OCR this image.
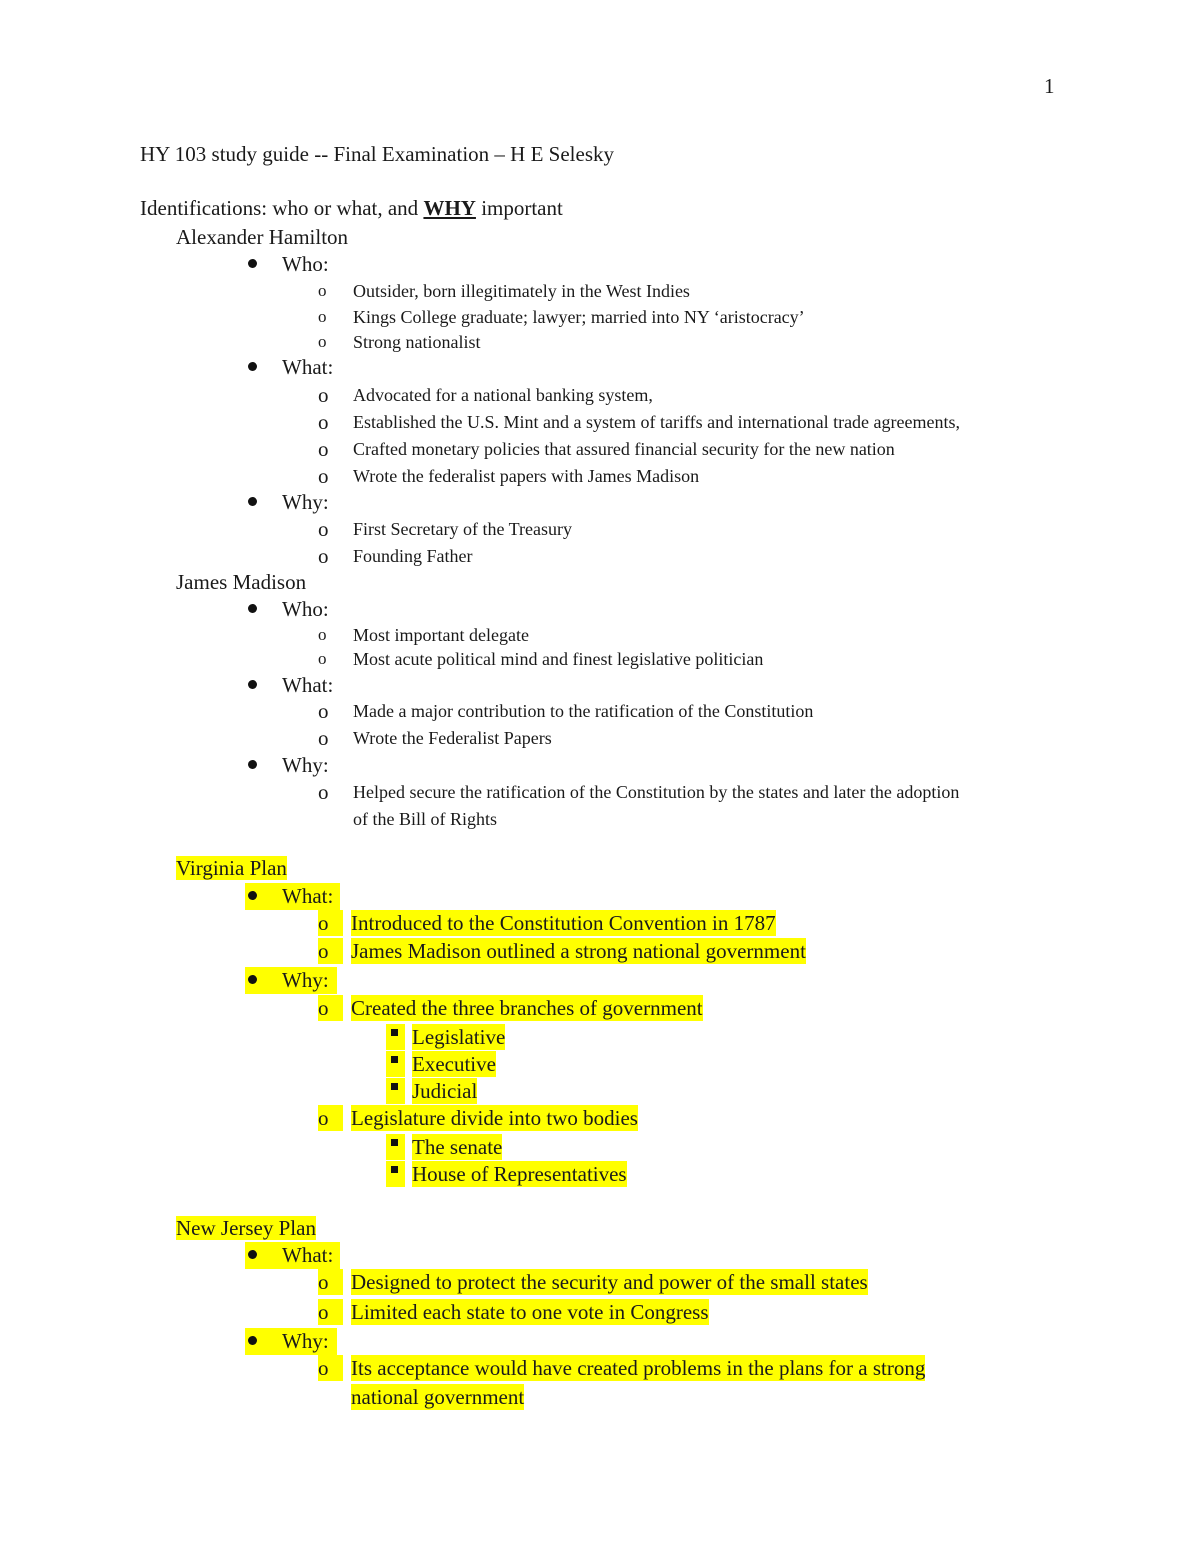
1
HY 103 study guide -- Final Examination – H E Selesky
Identifications: who or what, and WHY important
Alexander Hamilton
Who:
o Outsider, born illegitimately in the West Indies
o Kings College graduate; lawyer; married into NY ‘aristocracy’
o Strong nationalist
What:
o Advocated for a national banking system,
o Established the U.S. Mint and a system of tariffs and international trade agreements,
o Crafted monetary policies that assured financial security for the new nation
o Wrote the federalist papers with James Madison
Why:
o First Secretary of the Treasury
o Founding Father
James Madison
Who:
o Most important delegate
o Most acute political mind and finest legislative politician
What:
o Made a major contribution to the ratification of the Constitution
o Wrote the Federalist Papers
Why:
o Helped secure the ratification of the Constitution by the states and later the adoption
of the Bill of Rights
Virginia Plan
What:
o	Introduced to the Constitution Convention in 1787
o	James Madison outlined a strong national government
Why:
o	Created the three branches of government
Legislative
Executive
Judicial
o	Legislature divide into two bodies
The senate
House of Representatives
New Jersey Plan
What:
o	Designed to protect the security and power of the small states
o	Limited each state to one vote in Congress
Why:
o	Its acceptance would have created problems in the plans for a strong
national government
